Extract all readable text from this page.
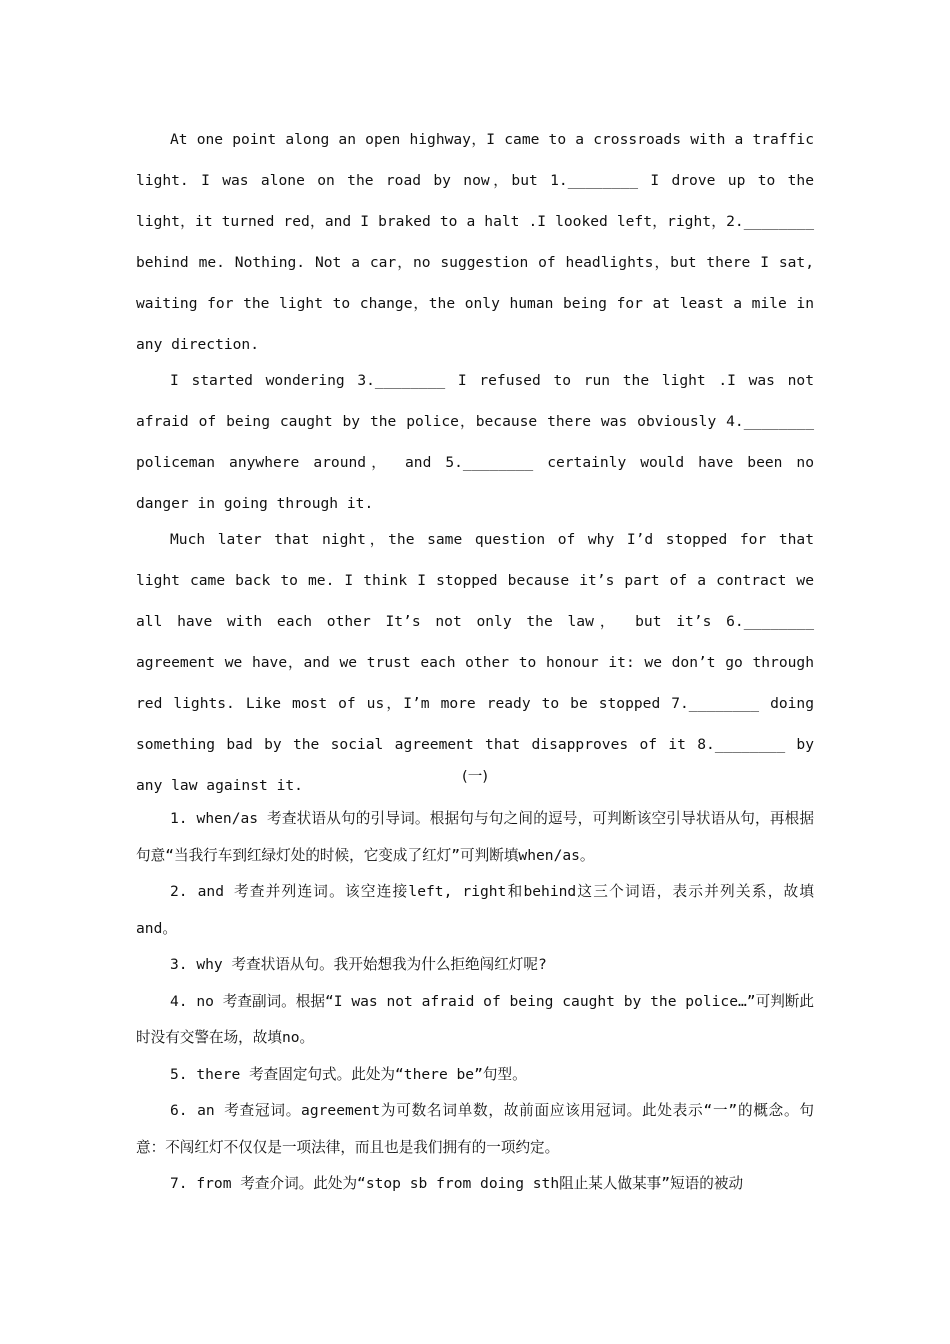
At one point along an open highway，I came to a crossroads with a traffic light. I was alone on the road by now，but 1.________ I drove up to the light，it turned red，and I braked to a halt .I looked left，right，2.________ behind me. Nothing. Not a car，no suggestion of headlights，but there I sat, waiting for the light to change，the only human being for at least a mile in any direction.

I started wondering 3.________ I refused to run the light .I was not afraid of being caught by the police，because there was obviously 4.________ policeman anywhere around， and 5.________ certainly would have been no danger in going through it.

Much later that night，the same question of why I’d stopped for that light came back to me. I think I stopped because it’s part of a contract we all have with each other It’s not only the law， but it’s 6.________ agreement we have，and we trust each other to honour it: we don’t go through red lights. Like most of us，I’m more ready to be stopped 7.________ doing something bad by the social agreement that disapproves of it 8.________ by any law against it.

(一)

1. when/as 考查状语从句的引导词。根据句与句之间的逗号，可判断该空引导状语从句，再根据句意“当我行车到红绿灯处的时候，它变成了红灯”可判断填when/as。

2. and 考查并列连词。该空连接left, right和behind这三个词语，表示并列关系，故填and。

3. why 考查状语从句。我开始想我为什么拒绝闯红灯呢?

4. no 考查副词。根据“I was not afraid of being caught by the police…”可判断此时没有交警在场，故填no。

5. there 考查固定句式。此处为“there be”句型。

6. an 考查冠词。agreement为可数名词单数，故前面应该用冠词。此处表示“一”的概念。句意：不闯红灯不仅仅是一项法律，而且也是我们拥有的一项约定。

7. from 考查介词。此处为“stop sb from doing sth阻止某人做某事”短语的被动
